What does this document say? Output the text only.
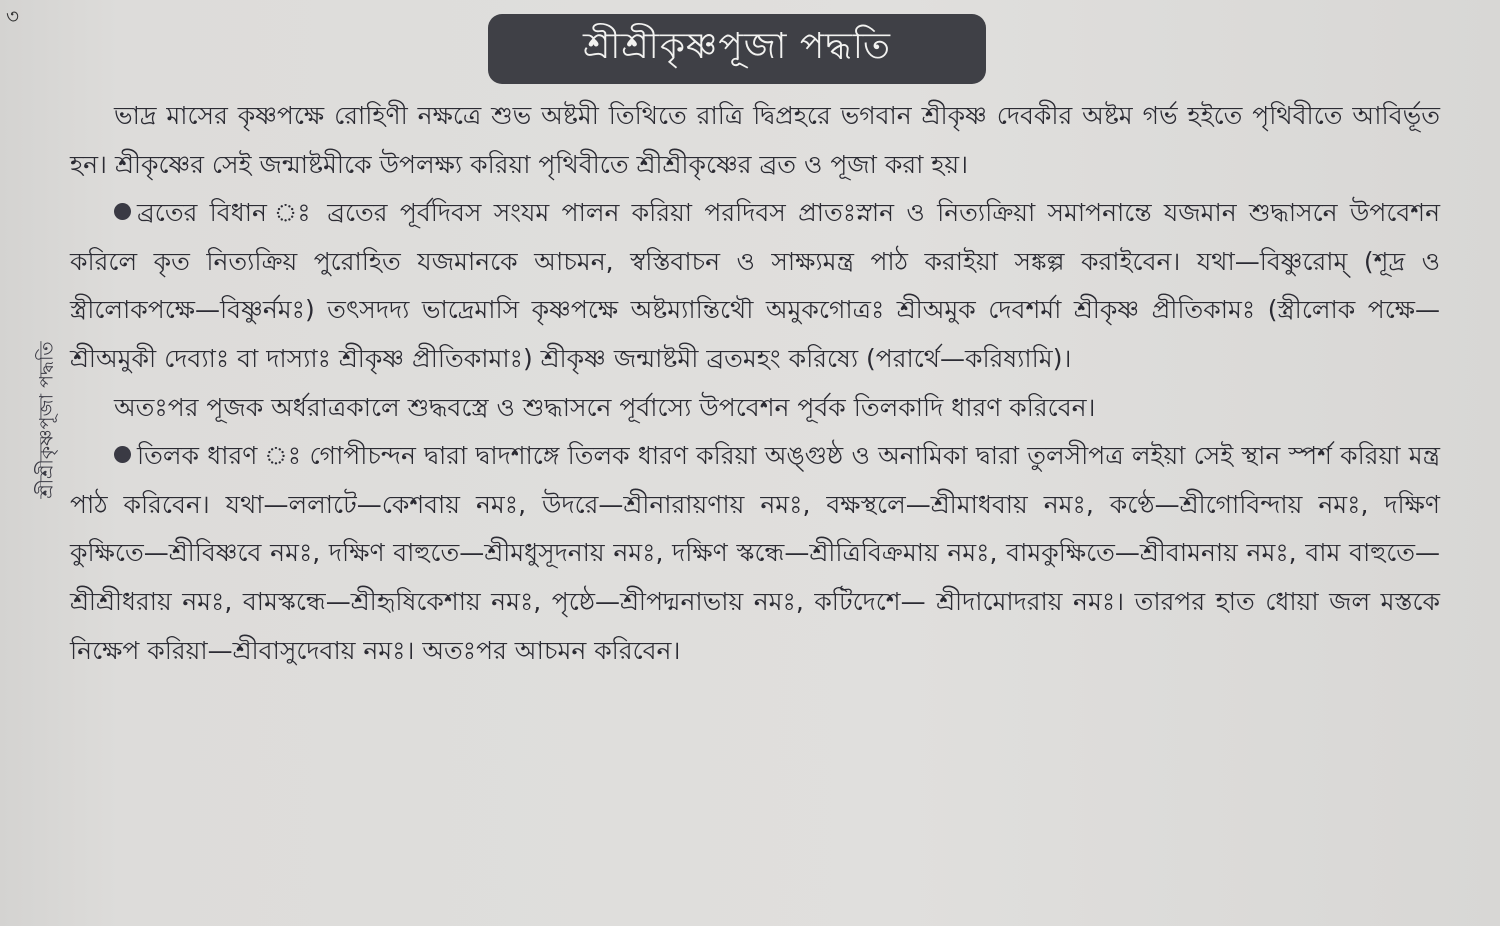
৩
শ্রীশ্রীকৃষ্ণপূজা পদ্ধতি
শ্রীশ্রীকৃষ্ণপূজা পদ্ধতি

ভাদ্র মাসের কৃষ্ণপক্ষে রোহিণী নক্ষত্রে শুভ অষ্টমী তিথিতে রাত্রি দ্বিপ্রহরে ভগবান শ্রীকৃষ্ণ দেবকীর অষ্টম গর্ভ হইতে পৃথিবীতে আবির্ভূত হন। শ্রীকৃষ্ণের সেই জন্মাষ্টমীকে উপলক্ষ্য করিয়া পৃথিবীতে শ্রীশ্রীকৃষ্ণের ব্রত ও পূজা করা হয়।

ব্রতের বিধান ঃ ব্রতের পূর্বদিবস সংযম পালন করিয়া পরদিবস প্রাতঃস্নান ও নিত্যক্রিয়া সমাপনান্তে যজমান শুদ্ধাসনে উপবেশন করিলে কৃত নিত্যক্রিয় পুরোহিত যজমানকে আচমন, স্বস্তিবাচন ও সাক্ষ্যমন্ত্র পাঠ করাইয়া সঙ্কল্প করাইবেন। যথা—বিষ্ণুরোম্ (শূদ্র ও স্ত্রীলোকপক্ষে—বিষ্ণুর্নমঃ) তৎসদদ্য ভাদ্রেমাসি কৃষ্ণপক্ষে অষ্টম্যান্তিথৌ অমুকগোত্রঃ শ্রীঅমুক দেবশর্মা শ্রীকৃষ্ণ প্রীতিকামঃ (স্ত্রীলোক পক্ষে—শ্রীঅমুকী দেব্যাঃ বা দাস্যাঃ শ্রীকৃষ্ণ প্রীতিকামাঃ) শ্রীকৃষ্ণ জন্মাষ্টমী ব্রতমহং করিষ্যে (পরার্থে—করিষ্যামি)।

অতঃপর পূজক অর্ধরাত্রকালে শুদ্ধবস্ত্রে ও শুদ্ধাসনে পূর্বাস্যে উপবেশন পূর্বক তিলকাদি ধারণ করিবেন।

তিলক ধারণ ঃ গোপীচন্দন দ্বারা দ্বাদশাঙ্গে তিলক ধারণ করিয়া অঙ্গুষ্ঠ ও অনামিকা দ্বারা তুলসীপত্র লইয়া সেই স্থান স্পর্শ করিয়া মন্ত্র পাঠ করিবেন। যথা—ললাটে—কেশবায় নমঃ, উদরে—শ্রীনারায়ণায় নমঃ, বক্ষস্থলে—শ্রীমাধবায় নমঃ, কণ্ঠে—শ্রীগোবিন্দায় নমঃ, দক্ষিণ কুক্ষিতে—শ্রীবিষ্ণবে নমঃ, দক্ষিণ বাহুতে—শ্রীমধুসূদনায় নমঃ, দক্ষিণ স্কন্ধে—শ্রীত্রিবিক্রমায় নমঃ, বামকুক্ষিতে—শ্রীবামনায় নমঃ, বাম বাহুতে—শ্রীশ্রীধরায় নমঃ, বামস্কন্ধে—শ্রীহৃষিকেশায় নমঃ, পৃষ্ঠে—শ্রীপদ্মনাভায় নমঃ, কটিদেশে— শ্রীদামোদরায় নমঃ। তারপর হাত ধোয়া জল মস্তকে নিক্ষেপ করিয়া—শ্রীবাসুদেবায় নমঃ। অতঃপর আচমন করিবেন।
